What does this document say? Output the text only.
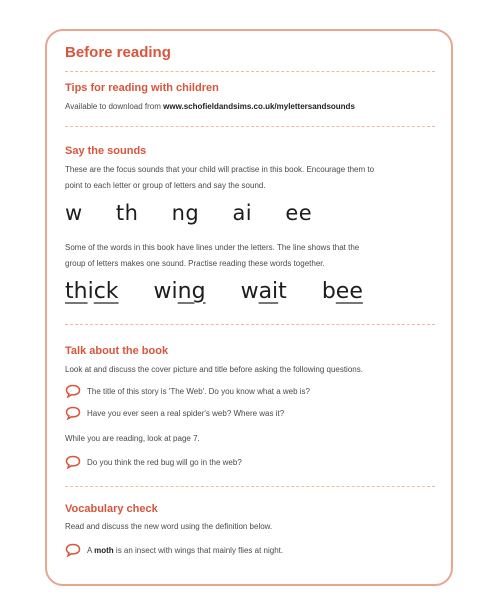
Before reading
Tips for reading with children
Available to download from www.schofieldandsims.co.uk/mylettersandsounds
Say the sounds
These are the focus sounds that your child will practise in this book. Encourage them to
point to each letter or group of letters and say the sound.
w th ng ai ee
Some of the words in this book have lines under the letters. The line shows that the
group of letters makes one sound. Practise reading these words together.
thick wing wait bee
Talk about the book
Look at and discuss the cover picture and title before asking the following questions.
The title of this story is 'The Web'. Do you know what a web is?
Have you ever seen a real spider's web? Where was it?
While you are reading, look at page 7.
Do you think the red bug will go in the web?
Vocabulary check
Read and discuss the new word using the definition below.
A moth is an insect with wings that mainly flies at night.
